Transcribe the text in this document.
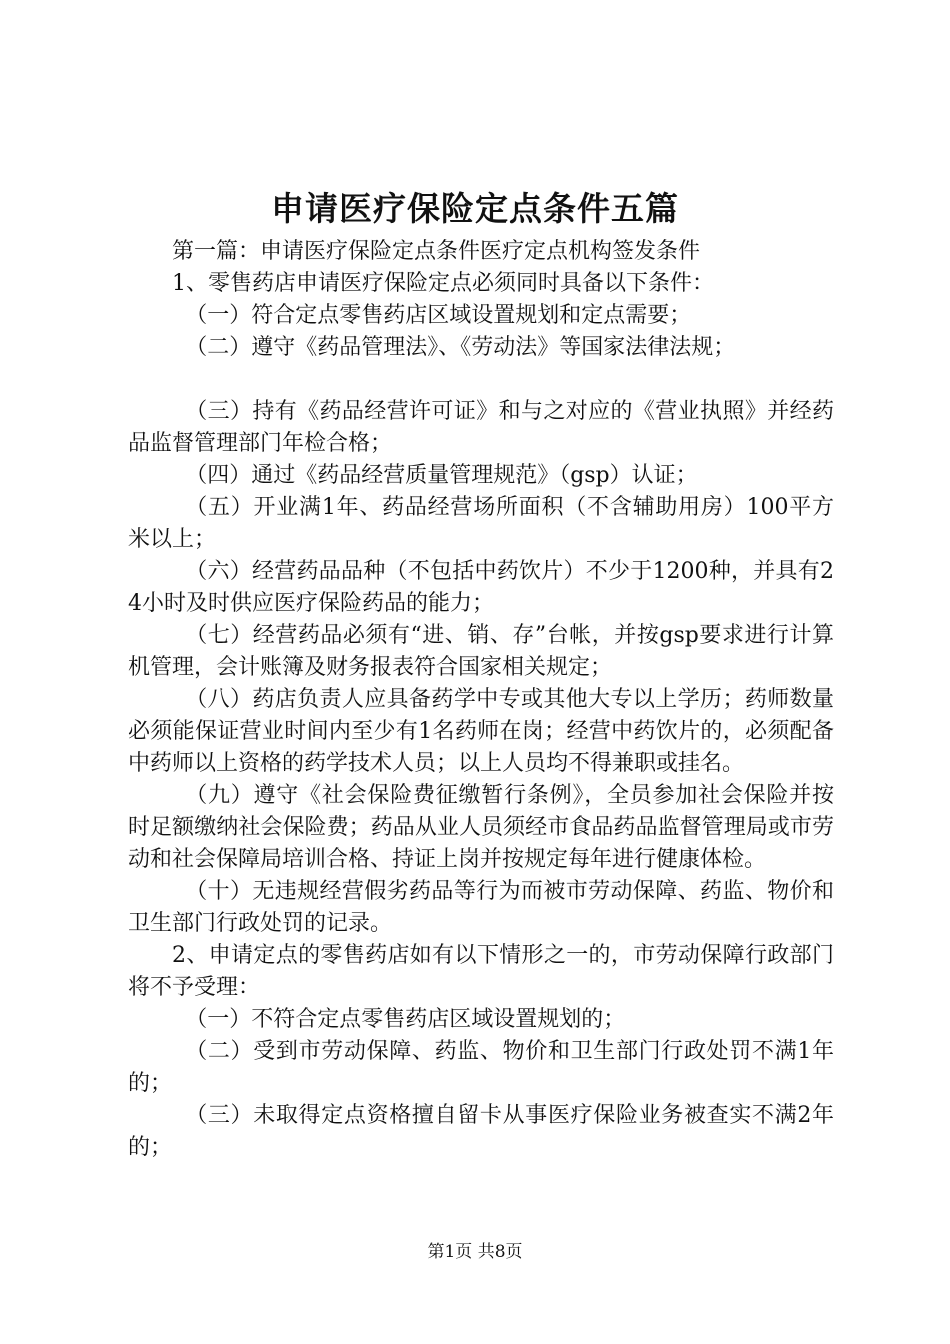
申请医疗保险定点条件五篇

第一篇：申请医疗保险定点条件医疗定点机构签发条件

1、零售药店申请医疗保险定点必须同时具备以下条件：

（一）符合定点零售药店区域设置规划和定点需要；

（二）遵守《药品管理法》、《劳动法》等国家法律法规；

（三）持有《药品经营许可证》和与之对应的《营业执照》并经药品监督管理部门年检合格；

（四）通过《药品经营质量管理规范》（gsp）认证；

（五）开业满1年、药品经营场所面积（不含辅助用房）100平方米以上；

（六）经营药品品种（不包括中药饮片）不少于1200种，并具有24小时及时供应医疗保险药品的能力；

（七）经营药品必须有“进、销、存”台帐，并按gsp要求进行计算机管理，会计账簿及财务报表符合国家相关规定；

（八）药店负责人应具备药学中专或其他大专以上学历；药师数量必须能保证营业时间内至少有1名药师在岗；经营中药饮片的，必须配备中药师以上资格的药学技术人员；以上人员均不得兼职或挂名。

（九）遵守《社会保险费征缴暂行条例》，全员参加社会保险并按时足额缴纳社会保险费；药品从业人员须经市食品药品监督管理局或市劳动和社会保障局培训合格、持证上岗并按规定每年进行健康体检。

（十）无违规经营假劣药品等行为而被市劳动保障、药监、物价和卫生部门行政处罚的记录。

2、申请定点的零售药店如有以下情形之一的，市劳动保障行政部门将不予受理：

（一）不符合定点零售药店区域设置规划的；

（二）受到市劳动保障、药监、物价和卫生部门行政处罚不满1年的；

（三）未取得定点资格擅自留卡从事医疗保险业务被查实不满2年的；

第1页 共8页
